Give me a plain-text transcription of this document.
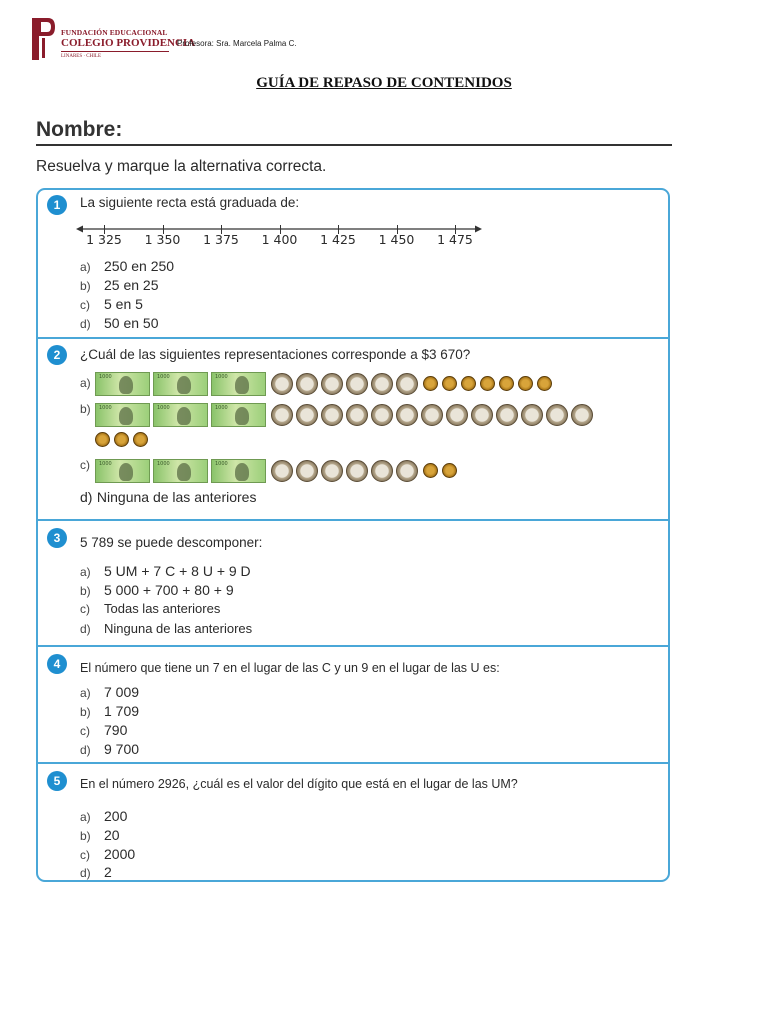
FUNDACIÓN EDUCACIONAL
COLEGIO PROVIDENCIA
LINARES · CHILE
Profesora: Sra. Marcela Palma C.
GUÍA DE REPASO DE CONTENIDOS
Nombre:
Resuelva y marque la alternativa correcta.
1	La siguiente recta está graduada de:
1 325 1 350 1 375 1 400 1 425 1 450 1 475
a) 250 en 250
b) 25 en 25
c) 5 en 5
d) 50 en 50
2	¿Cuál de las siguientes representaciones corresponde a $3 670?
a)
b)
c)
1000	1000	1000
1000	1000	1000
1000	1000	1000
d) Ninguna de las anteriores
3	5 789 se puede descomponer:
a) 5 UM + 7 C + 8 U + 9 D
b) 5 000 + 700 + 80 + 9
c) Todas las anteriores
d) Ninguna de las anteriores
4	El número que tiene un 7 en el lugar de las C y un 9 en el lugar de las U es:
a) 7 009
b) 1 709
c) 790
d) 9 700
5	En el número 2926, ¿cuál es el valor del dígito que está en el lugar de las UM?
a) 200
b) 20
c) 2000
d) 2
